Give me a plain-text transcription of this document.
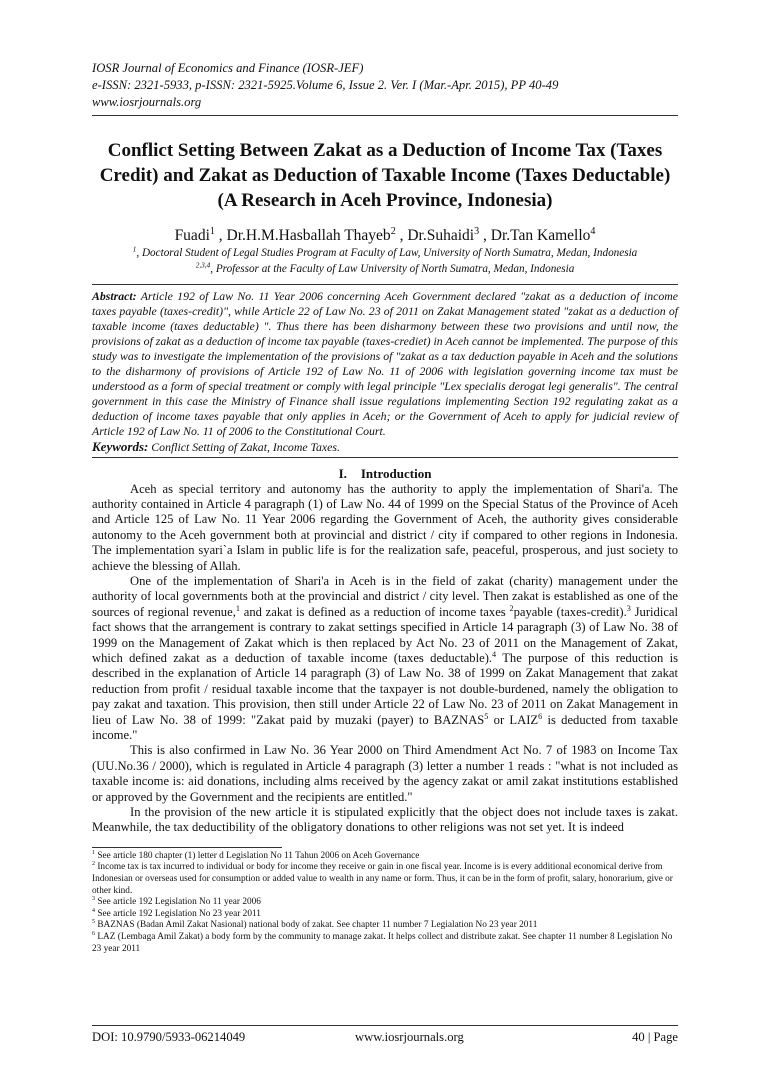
IOSR Journal of Economics and Finance (IOSR-JEF)
e-ISSN: 2321-5933, p-ISSN: 2321-5925.Volume 6, Issue 2. Ver. I (Mar.-Apr. 2015), PP 40-49
www.iosrjournals.org
Conflict Setting Between Zakat as a Deduction of Income Tax (Taxes Credit) and Zakat as Deduction of Taxable Income (Taxes Deductable) (A Research in Aceh Province, Indonesia)
Fuadi$^1$ , Dr.H.M.Hasballah Thayeb$^2$ , Dr.Suhaidi$^3$ , Dr.Tan Kamello$^4$
$^1$, Doctoral Student of Legal Studies Program at Faculty of Law, University of North Sumatra, Medan, Indonesia
$^{2,3,4}$, Professor at the Faculty of Law University of North Sumatra, Medan, Indonesia
Abstract: Article 192 of Law No. 11 Year 2006 concerning Aceh Government declared "zakat as a deduction of income taxes payable (taxes-credit)", while Article 22 of Law No. 23 of 2011 on Zakat Management stated "zakat as a deduction of taxable income (taxes deductable) ". Thus there has been disharmony between these two provisions and until now, the provisions of zakat as a deduction of income tax payable (taxes-crediet) in Aceh cannot be implemented. The purpose of this study was to investigate the implementation of the provisions of "zakat as a tax deduction payable in Aceh and the solutions to the disharmony of provisions of Article 192 of Law No. 11 of 2006 with legislation governing income tax must be understood as a form of special treatment or comply with legal principle "Lex specialis derogat legi generalis". The central government in this case the Ministry of Finance shall issue regulations implementing Section 192 regulating zakat as a deduction of income taxes payable that only applies in Aceh; or the Government of Aceh to apply for judicial review of Article 192 of Law No. 11 of 2006 to the Constitutional Court.
Keywords: Conflict Setting of Zakat, Income Taxes.
I. Introduction

Aceh as special territory and autonomy has the authority to apply the implementation of Shari'a. The authority contained in Article 4 paragraph (1) of Law No. 44 of 1999 on the Special Status of the Province of Aceh and Article 125 of Law No. 11 Year 2006 regarding the Government of Aceh, the authority gives considerable autonomy to the Aceh government both at provincial and district / city if compared to other regions in Indonesia. The implementation syari`a Islam in public life is for the realization safe, peaceful, prosperous, and just society to achieve the blessing of Allah.

One of the implementation of Shari'a in Aceh is in the field of zakat (charity) management under the authority of local governments both at the provincial and district / city level. Then zakat is established as one of the sources of regional revenue,$^1$ and zakat is defined as a reduction of income taxes $^2$payable (taxes-credit).$^3$ Juridical fact shows that the arrangement is contrary to zakat settings specified in Article 14 paragraph (3) of Law No. 38 of 1999 on the Management of Zakat which is then replaced by Act No. 23 of 2011 on the Management of Zakat, which defined zakat as a deduction of taxable income (taxes deductable).$^4$ The purpose of this reduction is described in the explanation of Article 14 paragraph (3) of Law No. 38 of 1999 on Zakat Management that zakat reduction from profit / residual taxable income that the taxpayer is not double-burdened, namely the obligation to pay zakat and taxation. This provision, then still under Article 22 of Law No. 23 of 2011 on Zakat Management in lieu of Law No. 38 of 1999: "Zakat paid by muzaki (payer) to BAZNAS$^5$ or LAIZ$^6$ is deducted from taxable income."

This is also confirmed in Law No. 36 Year 2000 on Third Amendment Act No. 7 of 1983 on Income Tax (UU.No.36 / 2000), which is regulated in Article 4 paragraph (3) letter a number 1 reads : "what is not included as taxable income is: aid donations, including alms received by the agency zakat or amil zakat institutions established or approved by the Government and the recipients are entitled."

In the provision of the new article it is stipulated explicitly that the object does not include taxes is zakat. Meanwhile, the tax deductibility of the obligatory donations to other religions was not set yet. It is indeed

$^1$ See article 180 chapter (1) letter d Legislation No 11 Tahun 2006 on Aceh Governance
$^2$ Income tax is tax incurred to individual or body for income they receive or gain in one fiscal year. Income is is every additional economical derive from Indonesian or overseas used for consumption or added value to wealth in any name or form. Thus, it can be in the form of profit, salary, honorarium, give or other kind.
$^3$ See article 192 Legislation No 11 year 2006
$^4$ See article 192 Legislation No 23 year 2011
$^5$ BAZNAS (Badan Amil Zakat Nasional) national body of zakat. See chapter 11 number 7 Legialation No 23 year 2011
$^6$ LAZ (Lembaga Amil Zakat) a body form by the community to manage zakat. It helps collect and distribute zakat. See chapter 11 number 8 Legislation No 23 year 2011
DOI: 10.9790/5933-06214049	www.iosrjournals.org	40 | Page
